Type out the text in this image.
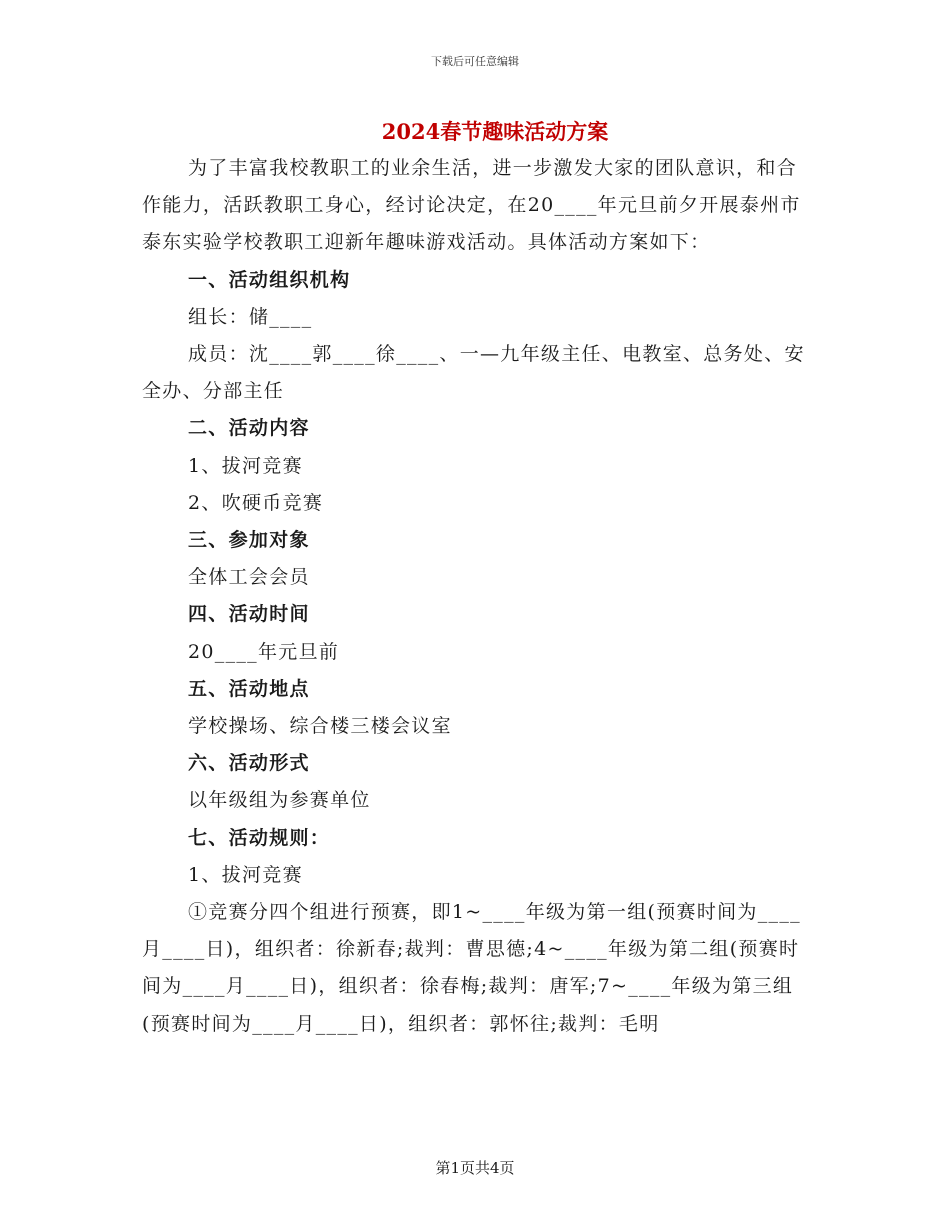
下载后可任意编辑
2024春节趣味活动方案

为了丰富我校教职工的业余生活，进一步激发大家的团队意识，和合作能力，活跃教职工身心，经讨论决定，在20____年元旦前夕开展泰州市泰东实验学校教职工迎新年趣味游戏活动。具体活动方案如下：

一、活动组织机构

组长：储____

成员：沈____郭____徐____、一—九年级主任、电教室、总务处、安全办、分部主任

二、活动内容

1、拔河竞赛

2、吹硬币竞赛

三、参加对象

全体工会会员

四、活动时间

20____年元旦前

五、活动地点

学校操场、综合楼三楼会议室

六、活动形式

以年级组为参赛单位

七、活动规则：

1、拔河竞赛

①竞赛分四个组进行预赛，即1~____年级为第一组(预赛时间为____月____日)，组织者：徐新春;裁判：曹思德;4~____年级为第二组(预赛时间为____月____日)，组织者：徐春梅;裁判：唐军;7~____年级为第三组(预赛时间为____月____日)，组织者：郭怀往;裁判：毛明

第1页共4页
